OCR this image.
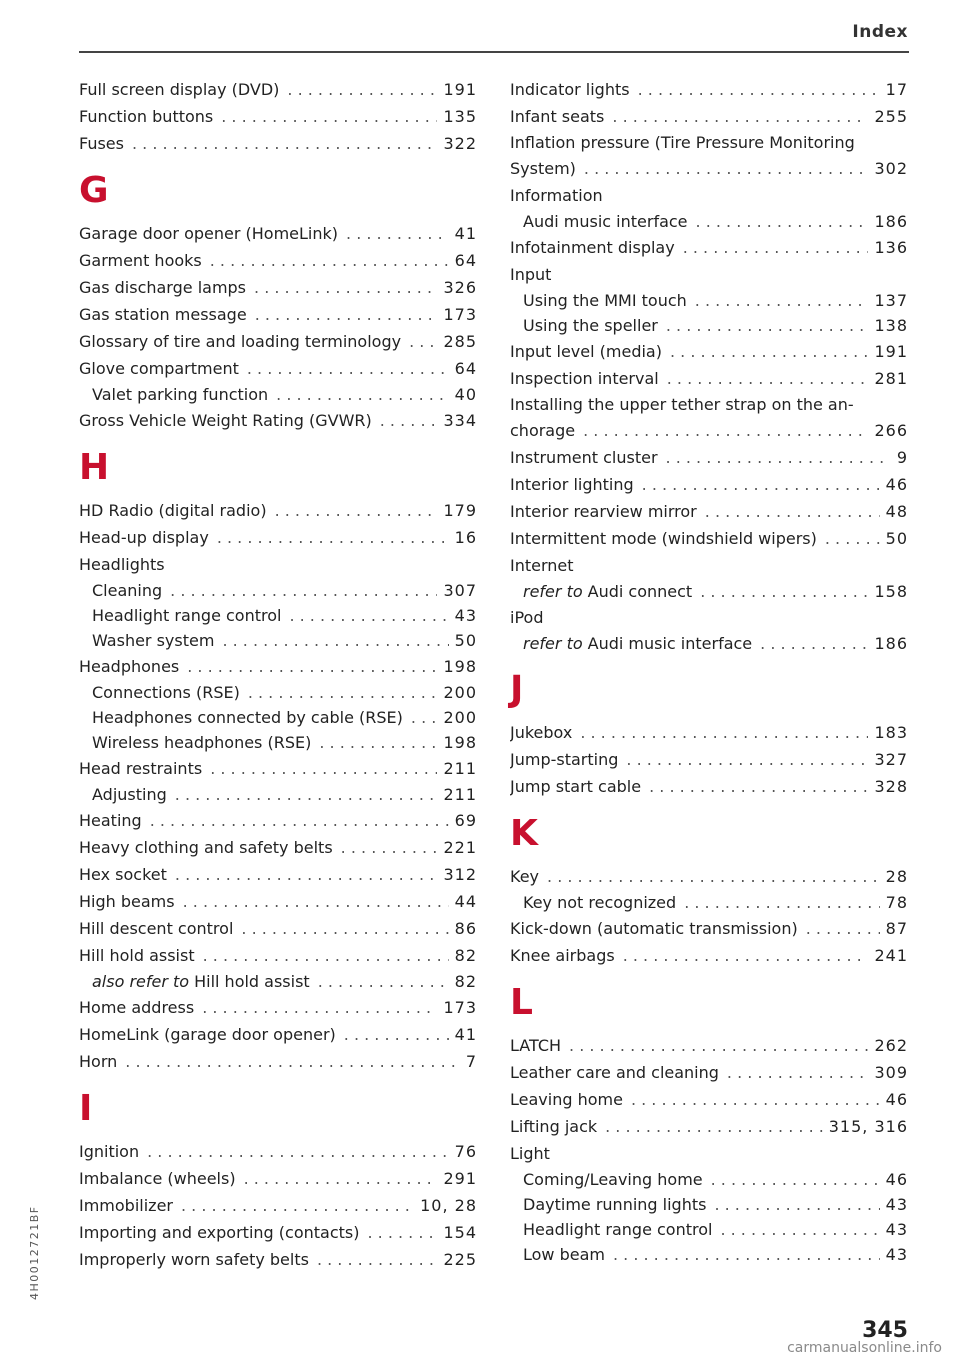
Index
Full screen display (DVD) . . .	191
Function buttons . . .	135
Fuses . . .	322
G
Garage door opener (HomeLink) . . .	41
Garment hooks . . .	64
Gas discharge lamps . . .	326
Gas station message . . .	173
Glossary of tire and loading terminology . . .	285
Glove compartment . . .	64
Valet parking function . . .	40
Gross Vehicle Weight Rating (GVWR) . . .	334
H
HD Radio (digital radio) . . .	179
Head-up display . . .	16
Headlights
Cleaning . . .	307
Headlight range control . . .	43
Washer system . . .	50
Headphones . . .	198
Connections (RSE) . . .	200
Headphones connected by cable (RSE) . . .	200
Wireless headphones (RSE) . . .	198
Head restraints . . .	211
Adjusting . . .	211
Heating . . .	69
Heavy clothing and safety belts . . .	221
Hex socket . . .	312
High beams . . .	44
Hill descent control . . .	86
Hill hold assist . . .	82
also refer to Hill hold assist . . .	82
Home address . . .	173
HomeLink (garage door opener) . . .	41
Horn . . .	7
I
Ignition . . .	76
Imbalance (wheels) . . .	291
Immobilizer . . .	10, 28
Importing and exporting (contacts) . . .	154
Improperly worn safety belts . . .	225
Indicator lights . . .	17
Infant seats . . .	255
Inflation pressure (Tire Pressure Monitoring
System) . . .	302
Information
Audi music interface . . .	186
Infotainment display . . .	136
Input
Using the MMI touch . . .	137
Using the speller . . .	138
Input level (media) . . .	191
Inspection interval . . .	281
Installing the upper tether strap on the an-
chorage . . .	266
Instrument cluster . . .	9
Interior lighting . . .	46
Interior rearview mirror . . .	48
Intermittent mode (windshield wipers) . . .	50
Internet
refer to Audi connect . . .	158
iPod
refer to Audi music interface . . .	186
J
Jukebox . . .	183
Jump-starting . . .	327
Jump start cable . . .	328
K
Key . . .	28
Key not recognized . . .	78
Kick-down (automatic transmission) . . .	87
Knee airbags . . .	241
L
LATCH . . .	262
Leather care and cleaning . . .	309
Leaving home . . .	46
Lifting jack . . .	315, 316
Light
Coming/Leaving home . . .	46
Daytime running lights . . .	43
Headlight range control . . .	43
Low beam . . .	43

345

4H0012721BF
carmanualsonline.info
